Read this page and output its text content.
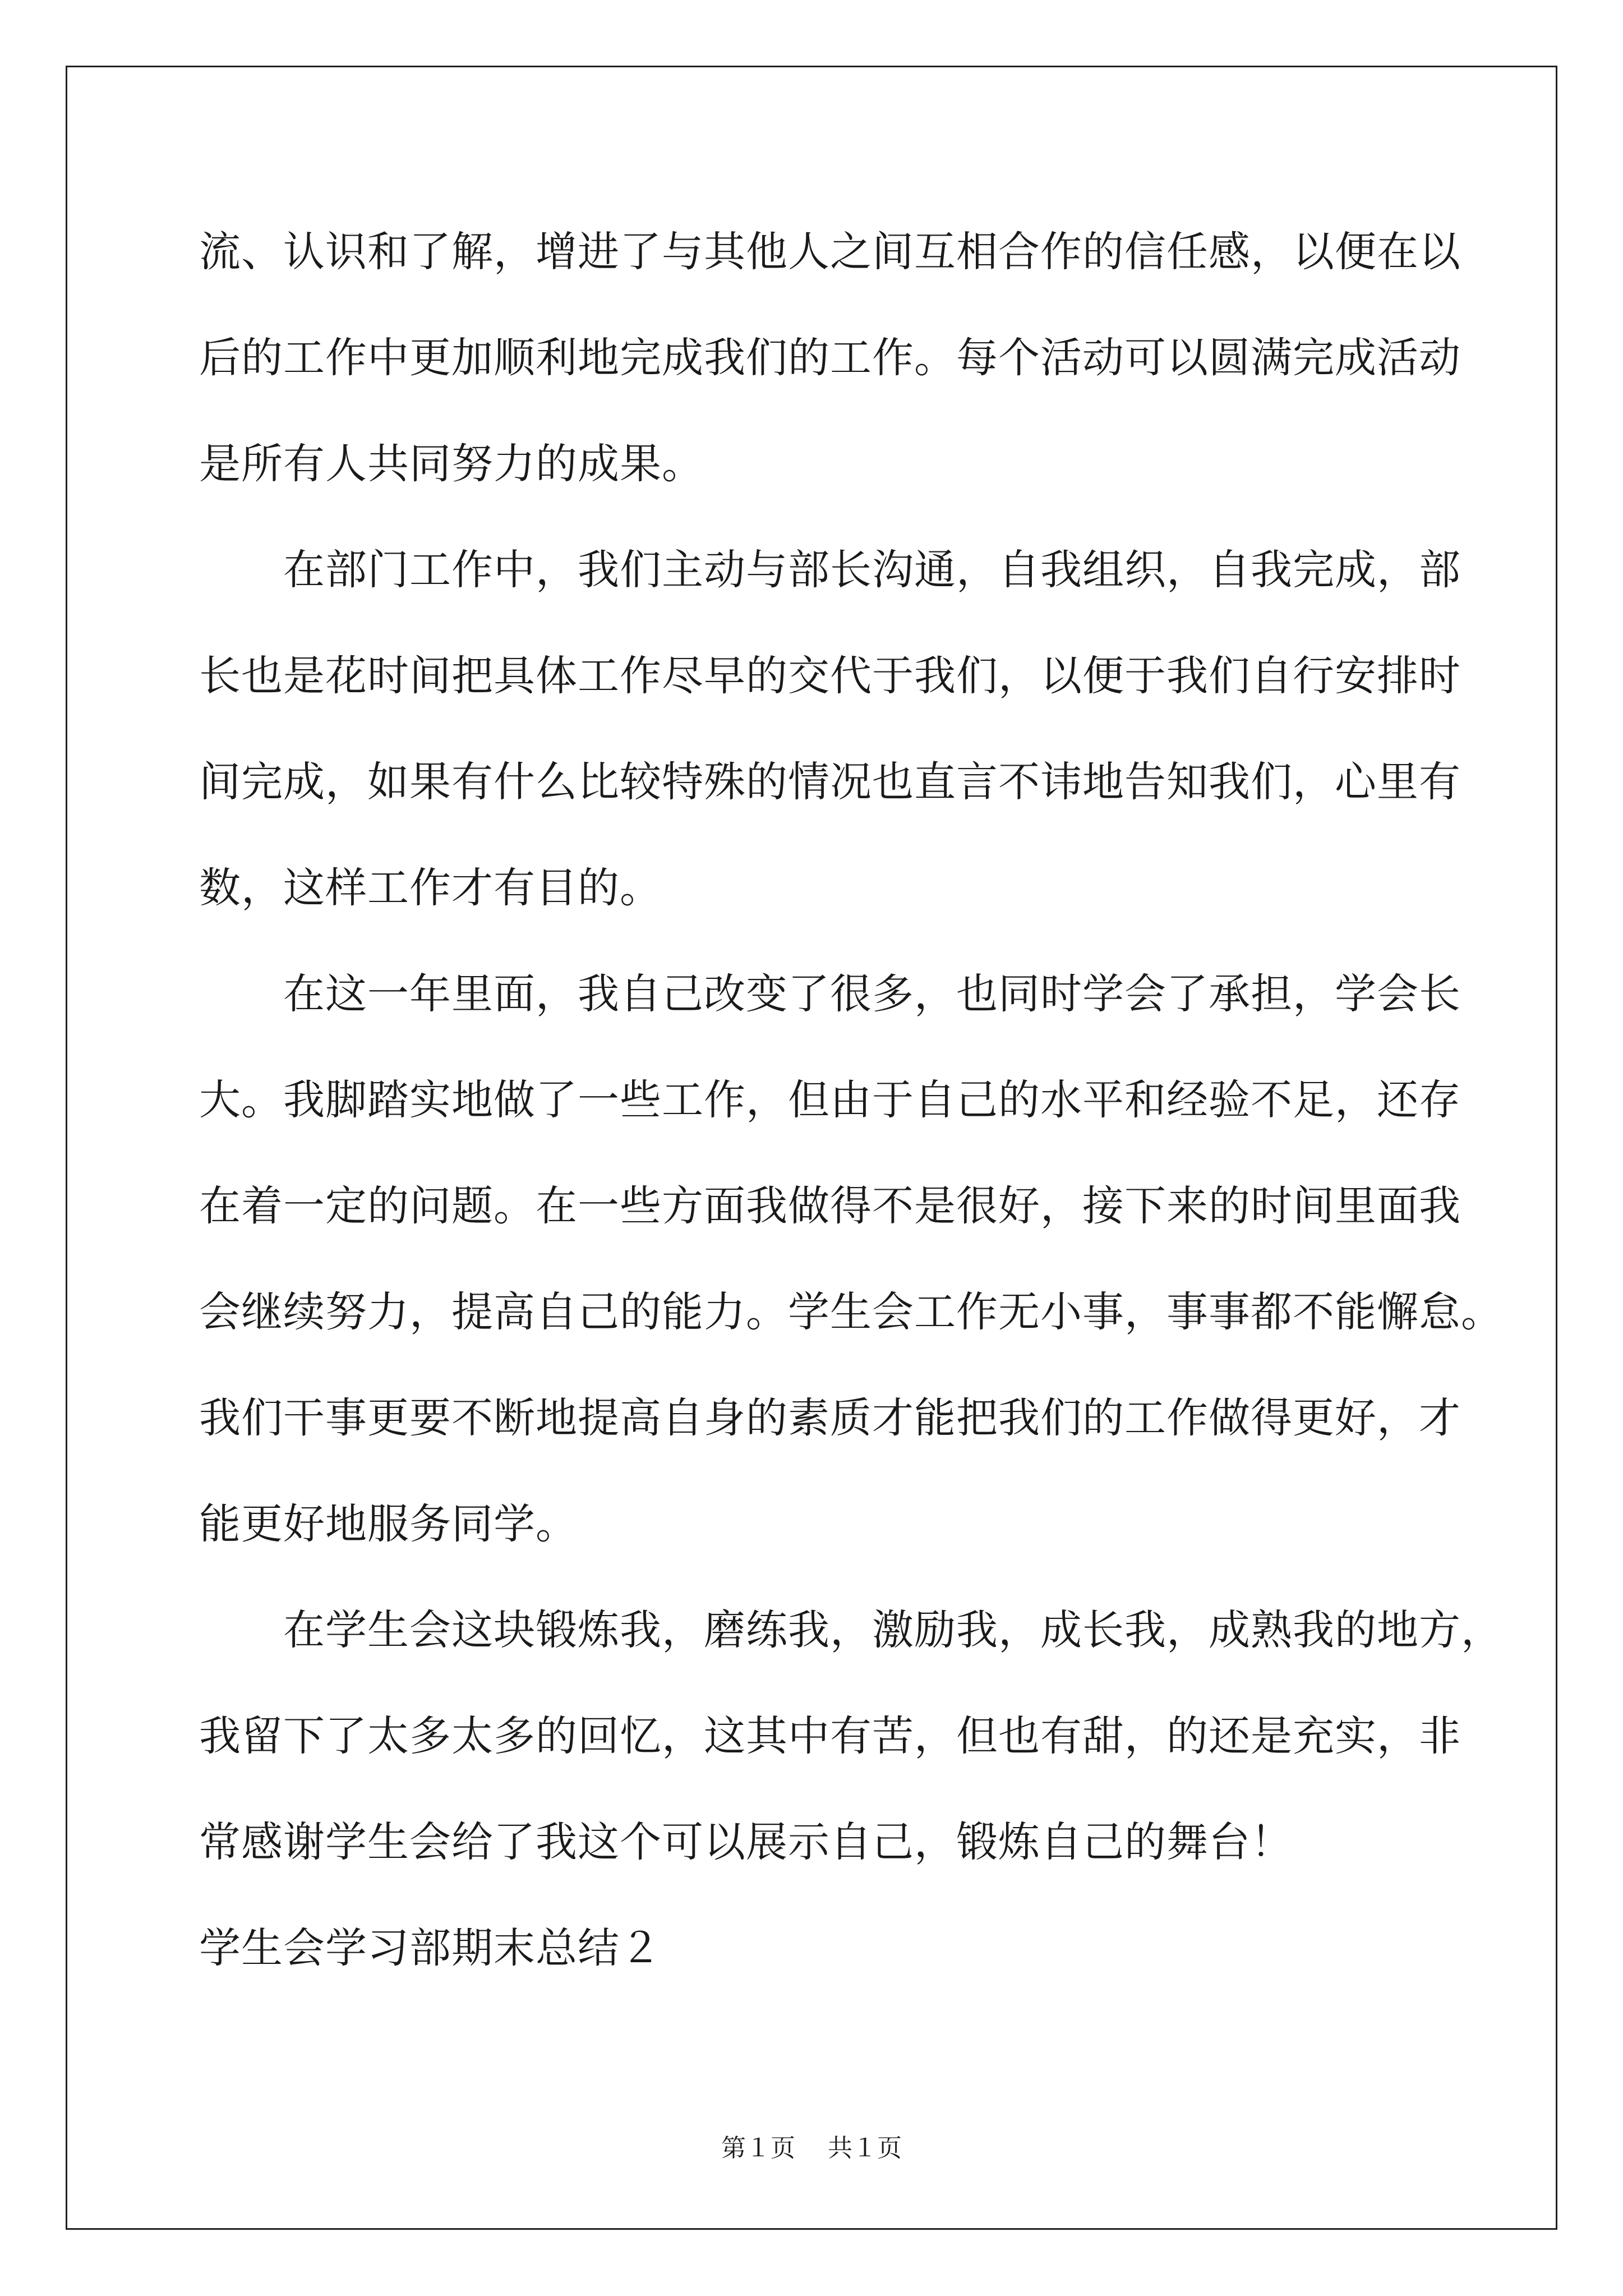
流、认识和了解，增进了与其他人之间互相合作的信任感，以便在以
后的工作中更加顺利地完成我们的工作。每个活动可以圆满完成活动
是所有人共同努力的成果。
在部门工作中，我们主动与部长沟通，自我组织，自我完成，部
长也是花时间把具体工作尽早的交代于我们，以便于我们自行安排时
间完成，如果有什么比较特殊的情况也直言不讳地告知我们，心里有
数，这样工作才有目的。
在这一年里面，我自己改变了很多，也同时学会了承担，学会长
大。我脚踏实地做了一些工作，但由于自己的水平和经验不足，还存
在着一定的问题。在一些方面我做得不是很好，接下来的时间里面我
会继续努力，提高自己的能力。学生会工作无小事，事事都不能懈怠。
我们干事更要不断地提高自身的素质才能把我们的工作做得更好，才
能更好地服务同学。
在学生会这块锻炼我，磨练我，激励我，成长我，成熟我的地方，
我留下了太多太多的回忆，这其中有苦，但也有甜，的还是充实，非
常感谢学生会给了我这个可以展示自己，锻炼自己的舞台！
学生会学习部期末总结２
第１页　 共１页
